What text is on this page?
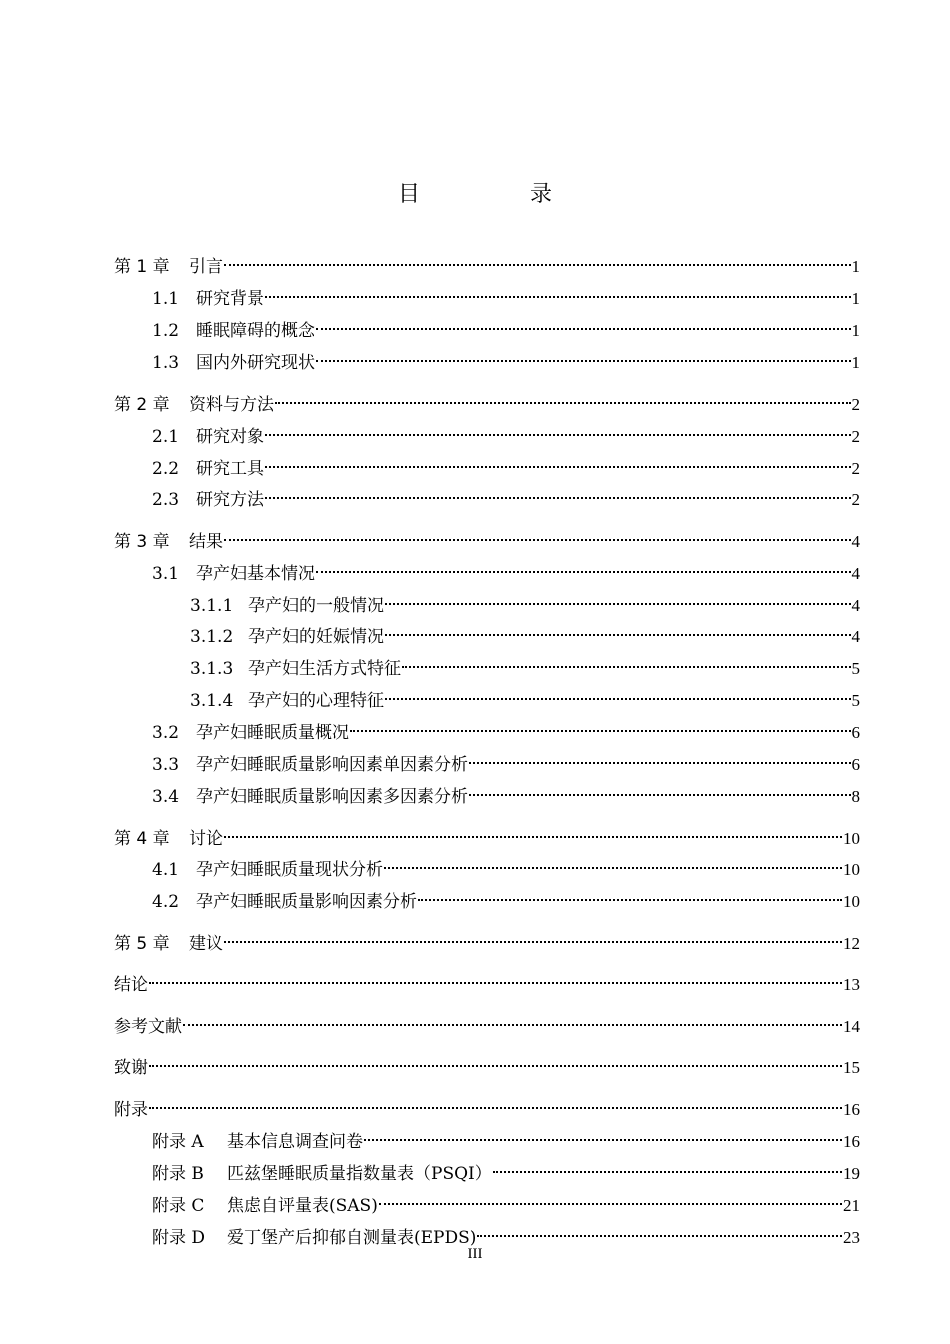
目　录
第 1 章	引言	1
1.1 研究背景	1
1.2 睡眠障碍的概念	1
1.3 国内外研究现状	1
第 2 章	资料与方法	2
2.1 研究对象	2
2.2 研究工具	2
2.3 研究方法	2
第 3 章	结果	4
3.1 孕产妇基本情况	4
3.1.1 孕产妇的一般情况	4
3.1.2 孕产妇的妊娠情况	4
3.1.3 孕产妇生活方式特征	5
3.1.4 孕产妇的心理特征	5
3.2 孕产妇睡眠质量概况	6
3.3 孕产妇睡眠质量影响因素单因素分析	6
3.4 孕产妇睡眠质量影响因素多因素分析	8
第 4 章	讨论	10
4.1 孕产妇睡眠质量现状分析	10
4.2 孕产妇睡眠质量影响因素分析	10
第 5 章	建议	12
结论	13
参考文献	14
致谢	15
附录	16
附录 A	基本信息调查问卷	16
附录 B	匹兹堡睡眠质量指数量表（PSQI）	19
附录 C	焦虑自评量表(SAS)	21
附录 D	爱丁堡产后抑郁自测量表(EPDS)	23
III
